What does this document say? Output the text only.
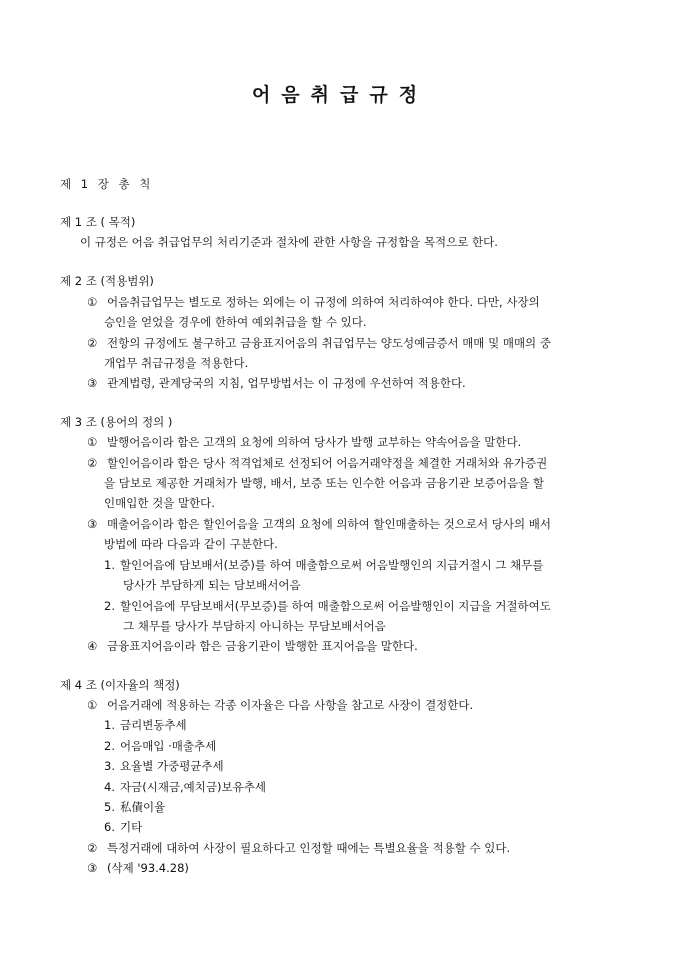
어음취급규정
제 1 장 총 칙
제 1 조 ( 목적)
이 규정은 어음 취급업무의 처리기준과 절차에 관한 사항을 규정함을 목적으로 한다.
제 2 조 (적용범위)
① 어음취급업무는 별도로 정하는 외에는 이 규정에 의하여 처리하여야 한다. 다만, 사장의
승인을 얻었을 경우에 한하여 예외취급을 할 수 있다.
② 전항의 규정에도 불구하고 금융표지어음의 취급업무는 양도성예금증서 매매 및 매매의 중
개업무 취급규정을 적용한다.
③ 관계법령, 관계당국의 지침, 업무방법서는 이 규정에 우선하여 적용한다.
제 3 조 (용어의 정의 )
① 발행어음이라 함은 고객의 요청에 의하여 당사가 발행 교부하는 약속어음을 말한다.
② 할인어음이라 함은 당사 적격업체로 선정되어 어음거래약정을 체결한 거래처와 유가증권
을 담보로 제공한 거래처가 발행, 배서, 보증 또는 인수한 어음과 금융기관 보증어음을 할
인매입한 것을 말한다.
③ 매출어음이라 함은 할인어음을 고객의 요청에 의하여 할인매출하는 것으로서 당사의 배서
방법에 따라 다음과 같이 구분한다.
1. 할인어음에 담보배서(보증)를 하여 매출함으로써 어음발행인의 지급거절시 그 채무를
당사가 부담하게 되는 담보배서어음
2. 할인어음에 무담보배서(무보증)를 하여 매출함으로써 어음발행인이 지급을 거절하여도
그 채무를 당사가 부담하지 아니하는 무담보배서어음
④ 금융표지어음이라 함은 금융기관이 발행한 표지어음을 말한다.
제 4 조 (이자율의 책정)
① 어음거래에 적용하는 각종 이자율은 다음 사항을 참고로 사장이 결정한다.
1. 금리변동추세
2. 어음매입 ·매출추세
3. 요율별 가중평균추세
4. 자금(시재금,예치금)보유추세
5. 私債이율
6. 기타
② 특정거래에 대하여 사장이 필요하다고 인정할 때에는 특별요율을 적용할 수 있다.
③ (삭제 '93.4.28)
